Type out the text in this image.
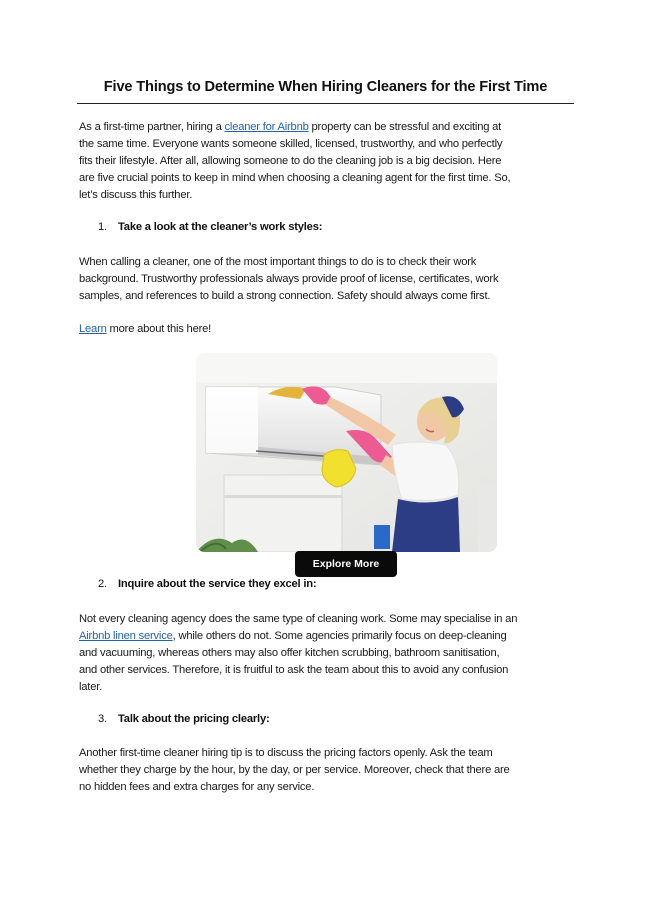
Five Things to Determine When Hiring Cleaners for the First Time
As a first-time partner, hiring a cleaner for Airbnb property can be stressful and exciting at
the same time. Everyone wants someone skilled, licensed, trustworthy, and who perfectly
fits their lifestyle. After all, allowing someone to do the cleaning job is a big decision. Here
are five crucial points to keep in mind when choosing a cleaning agent for the first time. So,
let’s discuss this further.
1. Take a look at the cleaner’s work styles:
When calling a cleaner, one of the most important things to do is to check their work
background. Trustworthy professionals always provide proof of license, certificates, work
samples, and references to build a strong connection. Safety should always come first.
Learn more about this here!
Explore More
2. Inquire about the service they excel in:
Not every cleaning agency does the same type of cleaning work. Some may specialise in an
Airbnb linen service, while others do not. Some agencies primarily focus on deep-cleaning
and vacuuming, whereas others may also offer kitchen scrubbing, bathroom sanitisation,
and other services. Therefore, it is fruitful to ask the team about this to avoid any confusion
later.
3. Talk about the pricing clearly:
Another first-time cleaner hiring tip is to discuss the pricing factors openly. Ask the team
whether they charge by the hour, by the day, or per service. Moreover, check that there are
no hidden fees and extra charges for any service.
